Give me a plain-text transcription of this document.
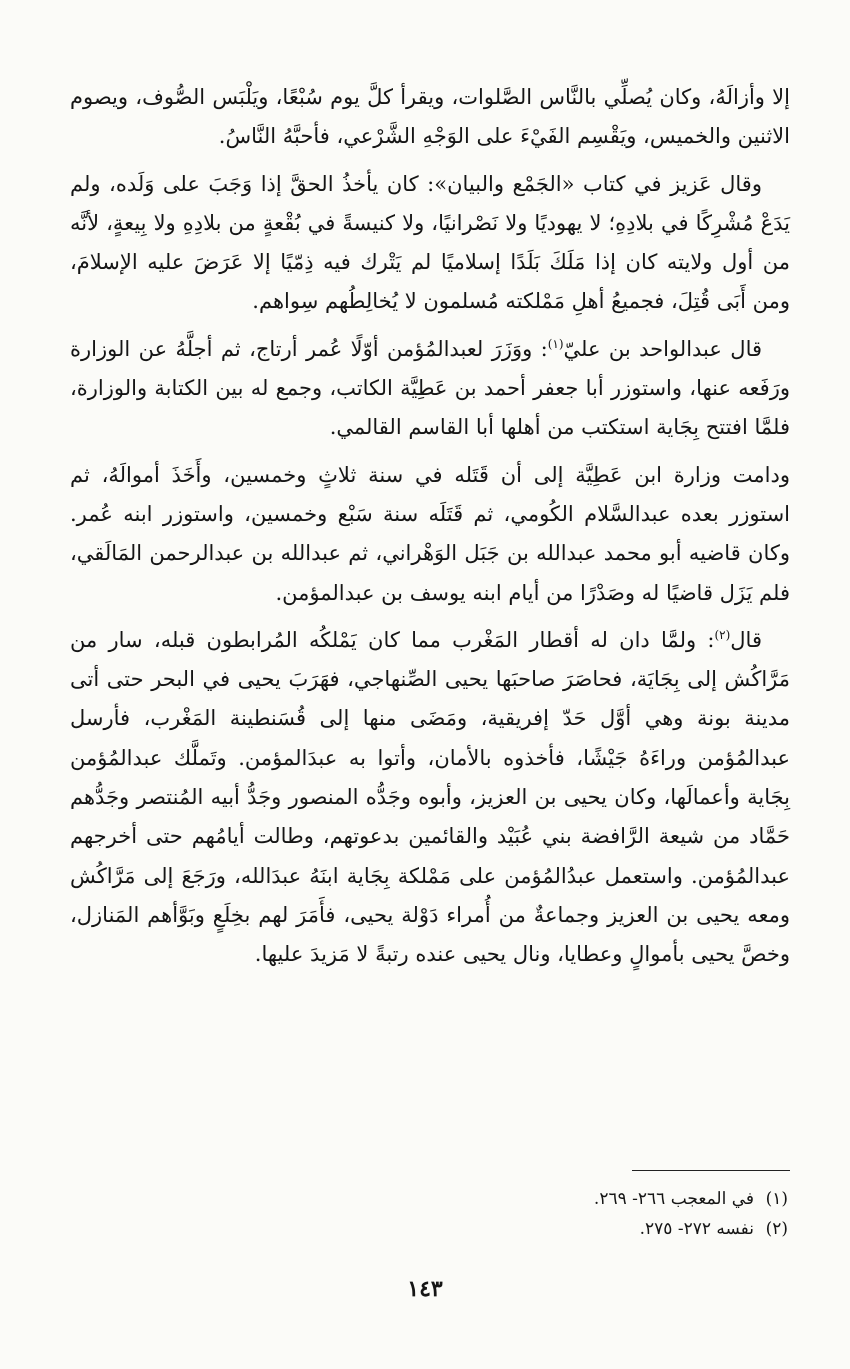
إلا وأزالَهُ، وكان يُصلِّي بالنَّاس الصَّلوات، ويقرأ كلَّ يوم سُبْعًا، ويَلْبَس الصُّوف، ويصوم الاثنين والخميس، ويَقْسِم الفَيْءَ على الوَجْهِ الشَّرْعي، فأحبَّهُ النَّاسُ.

وقال عَزيز في كتاب «الجَمْع والبيان»: كان يأخذُ الحقَّ إذا وَجَبَ على وَلَده، ولم يَدَعْ مُشْرِكًا في بلادِهِ؛ لا يهوديًا ولا نَصْرانيًا، ولا كنيسةً في بُقْعةٍ من بلادِهِ ولا بِيعةٍ، لأنَّه من أول ولايته كان إذا مَلَكَ بَلَدًا إسلاميًا لم يَتْرك فيه ذِمّيًا إلا عَرَضَ عليه الإسلامَ، ومن أَبَى قُتِلَ، فجميعُ أهلِ مَمْلكته مُسلمون لا يُخالِطُهم سِواهم.

قال عبدالواحد بن عليّ$^{(١)}$: ووَزَرَ لعبدالمُؤمن أوّلًا عُمر أرتاج، ثم أجلَّهُ عن الوزارة ورَفَعه عنها، واستوزر أبا جعفر أحمد بن عَطِيَّة الكاتب، وجمع له بين الكتابة والوزارة، فلمَّا افتتح بِجَاية استكتب من أهلها أبا القاسم القالمي.

ودامت وزارة ابن عَطِيَّة إلى أن قَتَله في سنة ثلاثٍ وخمسين، وأَخَذَ أموالَهُ، ثم استوزر بعده عبدالسَّلام الكُومي، ثم قَتَلَه سنة سَبْع وخمسين، واستوزر ابنه عُمر. وكان قاضيه أبو محمد عبدالله بن جَبَل الوَهْراني، ثم عبدالله بن عبدالرحمن المَالَقي، فلم يَزَل قاضيًا له وصَدْرًا من أيام ابنه يوسف بن عبدالمؤمن.

قال$^{(٢)}$: ولمَّا دان له أقطار المَغْرب مما كان يَمْلكُه المُرابطون قبله، سار من مَرَّاكُش إلى بِجَايَة، فحاصَرَ صاحبَها يحيى الصِّنهاجي، فهَرَبَ يحيى في البحر حتى أتى مدينة بونة وهي أوَّل حَدّ إفريقية، ومَضَى منها إلى قُسَنطينة المَغْرب، فأرسل عبدالمُؤمن وراءَهُ جَيْشًا، فأخذوه بالأمان، وأتوا به عبدَالمؤمن. وتَملَّك عبدالمُؤمن بِجَاية وأعمالَها، وكان يحيى بن العزيز، وأبوه وجَدُّه المنصور وجَدُّ أبيه المُنتصر وجَدُّهم حَمَّاد من شيعة الرَّافضة بني عُبَيْد والقائمين بدعوتهم، وطالت أيامُهم حتى أخرجهم عبدالمُؤمن. واستعمل عبدُالمُؤمن على مَمْلكة بِجَاية ابنَهُ عبدَالله، ورَجَعَ إلى مَرَّاكُش ومعه يحيى بن العزيز وجماعةٌ من أُمراء دَوْلة يحيى، فأَمَرَ لهم بخِلَعٍ وبَوَّأهم المَنازل، وخصَّ يحيى بأموالٍ وعطايا، ونال يحيى عنده رتبةً لا مَزيدَ عليها.

(١)في المعجب ٢٦٦- ٢٦٩.

(٢)نفسه ٢٧٢- ٢٧٥.

١٤٣
